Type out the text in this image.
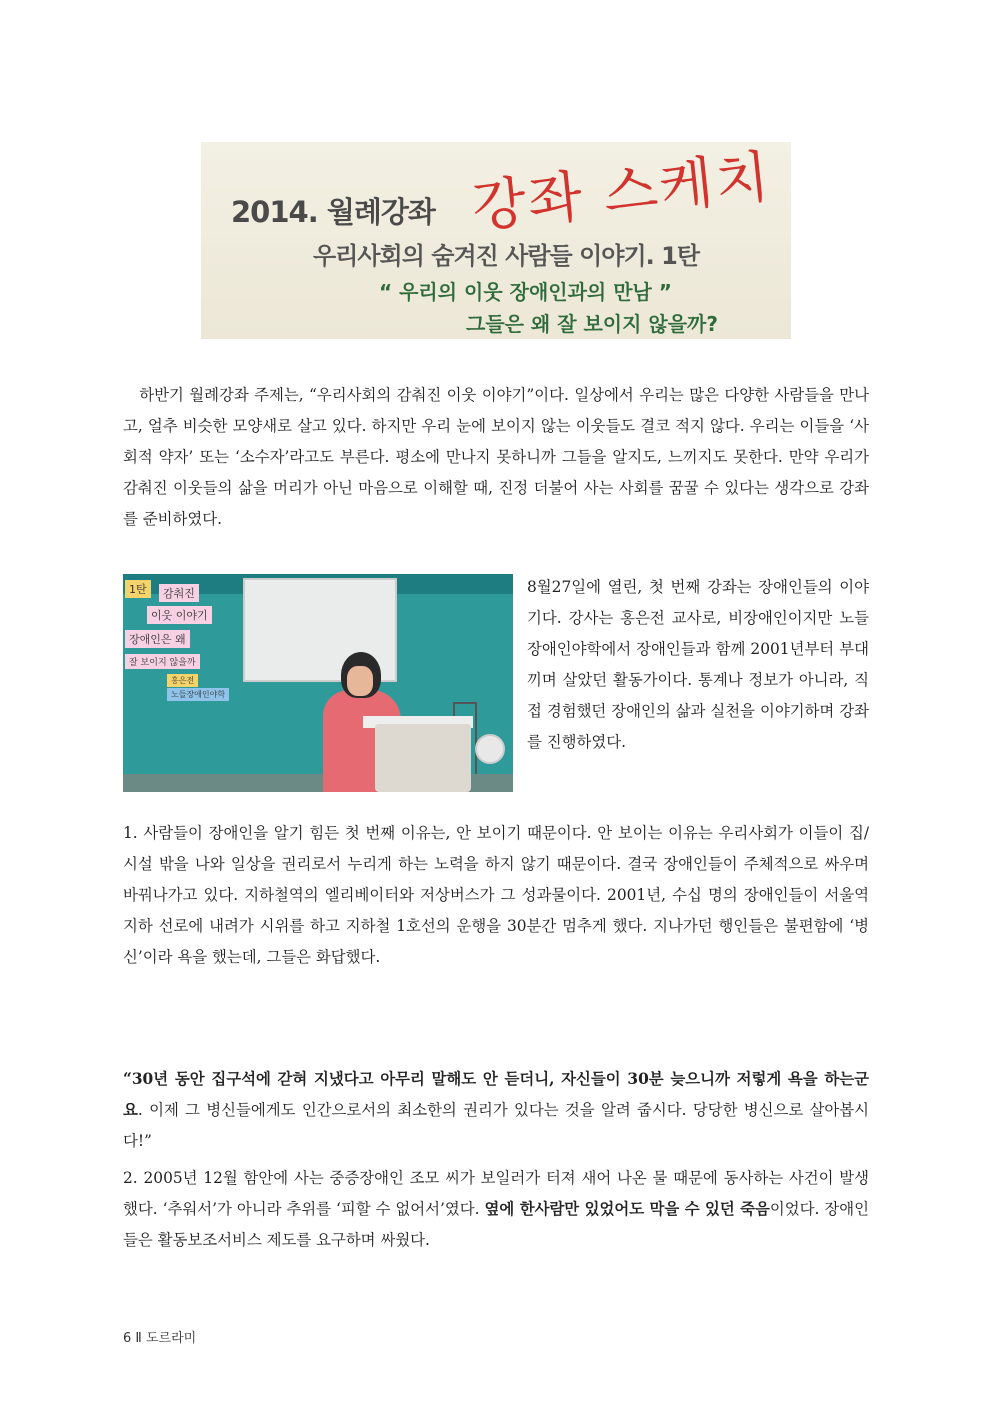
2014. 월례강좌 강좌 스케치
우리사회의 숨겨진 사람들 이야기. 1탄
“ 우리의 이웃 장애인과의 만남 ”
그들은 왜 잘 보이지 않을까?

하반기 월례강좌 주제는, “우리사회의 감춰진 이웃 이야기”이다. 일상에서 우리는 많은 다양한 사람들을 만나고, 얼추 비슷한 모양새로 살고 있다. 하지만 우리 눈에 보이지 않는 이웃들도 결코 적지 않다. 우리는 이들을 ‘사회적 약자’ 또는 ‘소수자’라고도 부른다. 평소에 만나지 못하니까 그들을 알지도, 느끼지도 못한다. 만약 우리가 감춰진 이웃들의 삶을 머리가 아닌 마음으로 이해할 때, 진정 더불어 사는 사회를 꿈꿀 수 있다는 생각으로 강좌를 준비하였다.

1탄	감춰진
이웃 이야기
장애인은 왜
잘 보이지 않을까
홍은전
노들장애인야학

8월27일에 열린, 첫 번째 강좌는 장애인들의 이야기다. 강사는 홍은전 교사로, 비장애인이지만 노들장애인야학에서 장애인들과 함께 2001년부터 부대끼며 살았던 활동가이다. 통계나 정보가 아니라, 직접 경험했던 장애인의 삶과 실천을 이야기하며 강좌를 진행하였다.

1. 사람들이 장애인을 알기 힘든 첫 번째 이유는, 안 보이기 때문이다. 안 보이는 이유는 우리사회가 이들이 집/시설 밖을 나와 일상을 권리로서 누리게 하는 노력을 하지 않기 때문이다. 결국 장애인들이 주체적으로 싸우며 바꿔나가고 있다. 지하철역의 엘리베이터와 저상버스가 그 성과물이다. 2001년, 수십 명의 장애인들이 서울역 지하 선로에 내려가 시위를 하고 지하철 1호선의 운행을 30분간 멈추게 했다. 지나가던 행인들은 불편함에 ‘병신’이라 욕을 했는데, 그들은 화답했다.

“30년 동안 집구석에 갇혀 지냈다고 아무리 말해도 안 듣더니, 자신들이 30분 늦으니까 저렇게 욕을 하는군요. 이제 그 병신들에게도 인간으로서의 최소한의 권리가 있다는 것을 알려 줍시다. 당당한 병신으로 살아봅시다!”

2. 2005년 12월 함안에 사는 중증장애인 조모 씨가 보일러가 터져 새어 나온 물 때문에 동사하는 사건이 발생했다. ‘추워서’가 아니라 추위를 ‘피할 수 없어서’였다. 옆에 한사람만 있었어도 막을 수 있던 죽음이었다. 장애인들은 활동보조서비스 제도를 요구하며 싸웠다.

6 Ⅱ 도르라미
